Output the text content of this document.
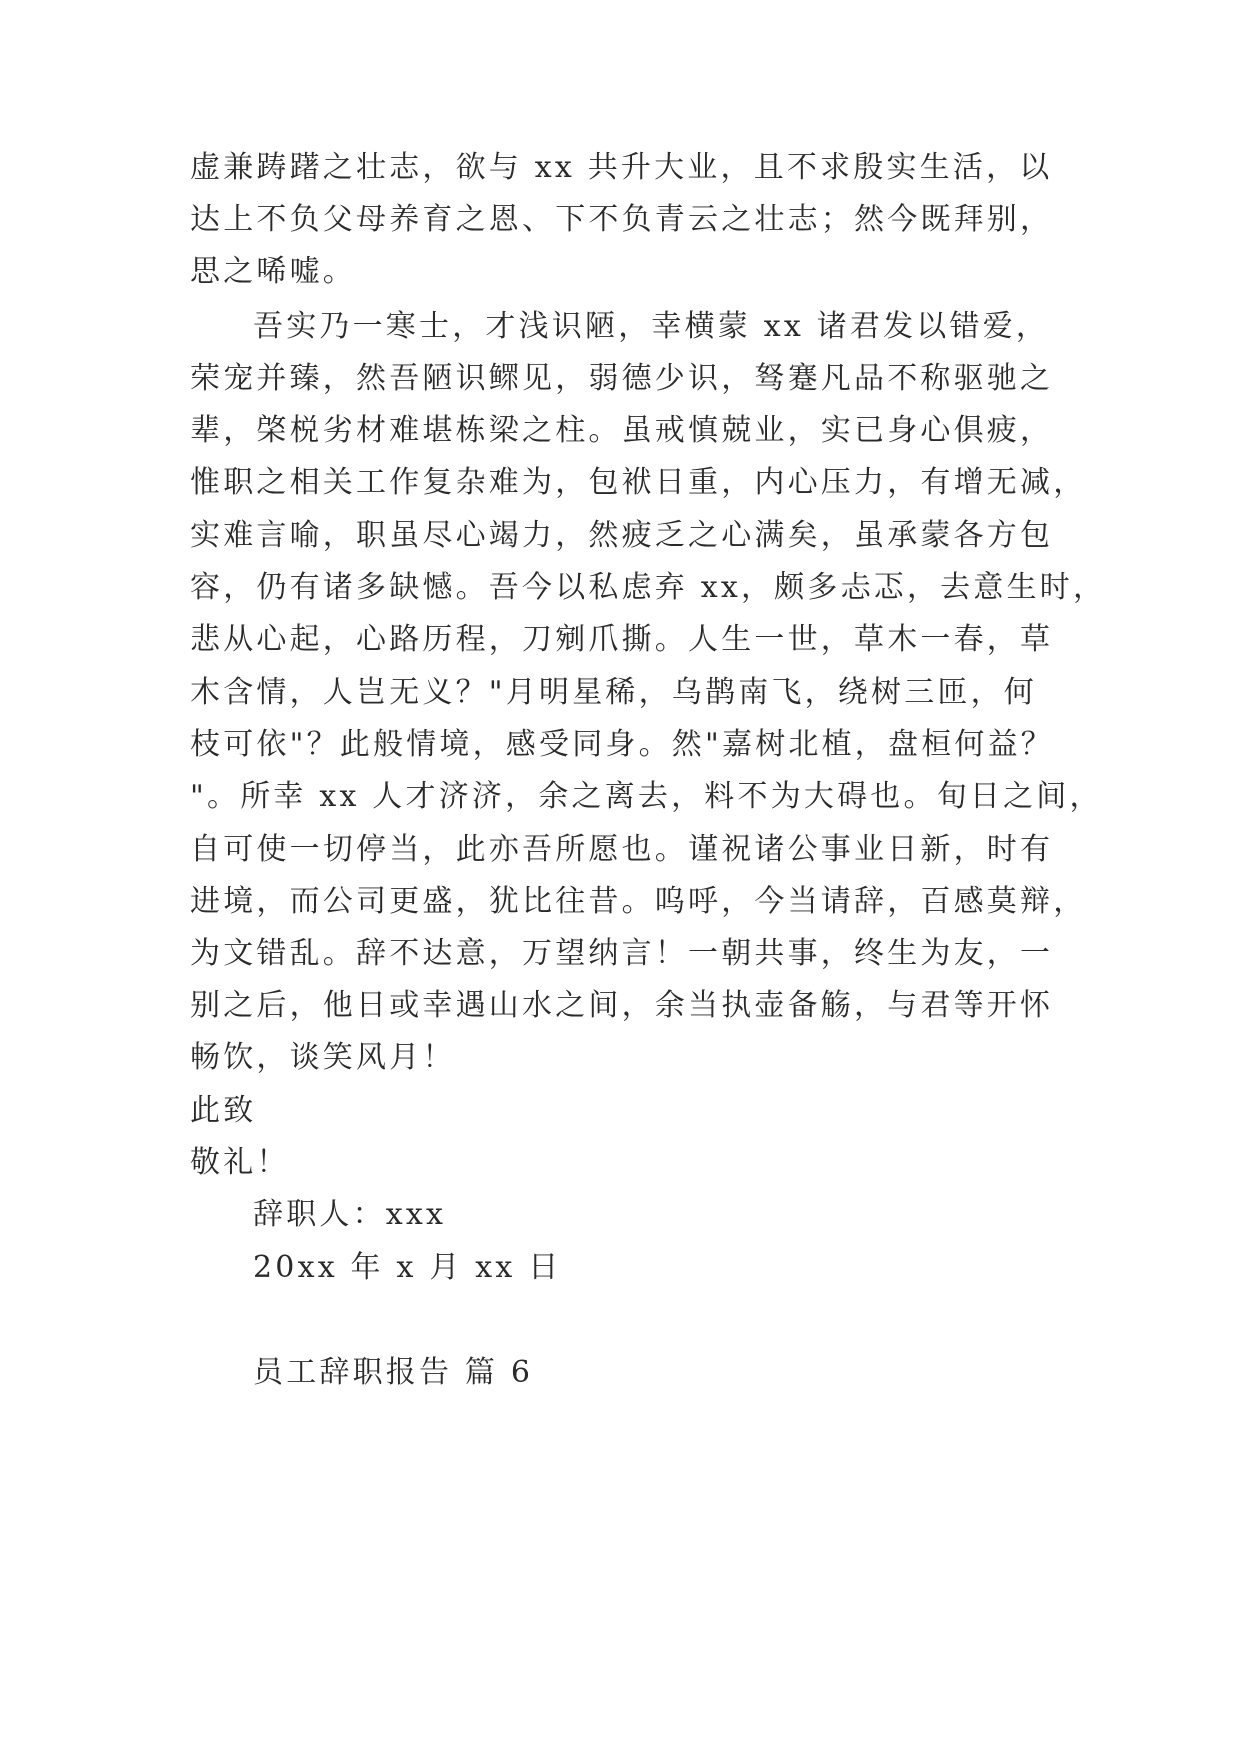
虚兼踌躇之壮志，欲与 xx 共升大业，且不求殷实生活，以
达上不负父母养育之恩、下不负青云之壮志；然今既拜别，
思之唏嘘。
吾实乃一寒士，才浅识陋，幸横蒙 xx 诸君发以错爱，
荣宠并臻，然吾陋识鳏见，弱德少识，驽蹇凡品不称驱驰之
辈，棨棁劣材难堪栋梁之柱。虽戒慎兢业，实已身心俱疲，
惟职之相关工作复杂难为，包袱日重，内心压力，有增无减，
实难言喻，职虽尽心竭力，然疲乏之心满矣，虽承蒙各方包
容，仍有诸多缺憾。吾今以私虑弃 xx，颇多忐忑，去意生时，
悲从心起，心路历程，刀剜爪撕。人生一世，草木一春，草
木含情，人岂无义？"月明星稀，乌鹊南飞，绕树三匝，何
枝可依"？此般情境，感受同身。然"嘉树北植，盘桓何益？
"。所幸 xx 人才济济，余之离去，料不为大碍也。旬日之间，
自可使一切停当，此亦吾所愿也。谨祝诸公事业日新，时有
进境，而公司更盛，犹比往昔。呜呼，今当请辞，百感莫辩，
为文错乱。辞不达意，万望纳言！一朝共事，终生为友，一
别之后，他日或幸遇山水之间，余当执壶备觞，与君等开怀
畅饮，谈笑风月！
此致
敬礼！
辞职人：xxx
20xx 年 x 月 xx 日
员工辞职报告 篇 6
